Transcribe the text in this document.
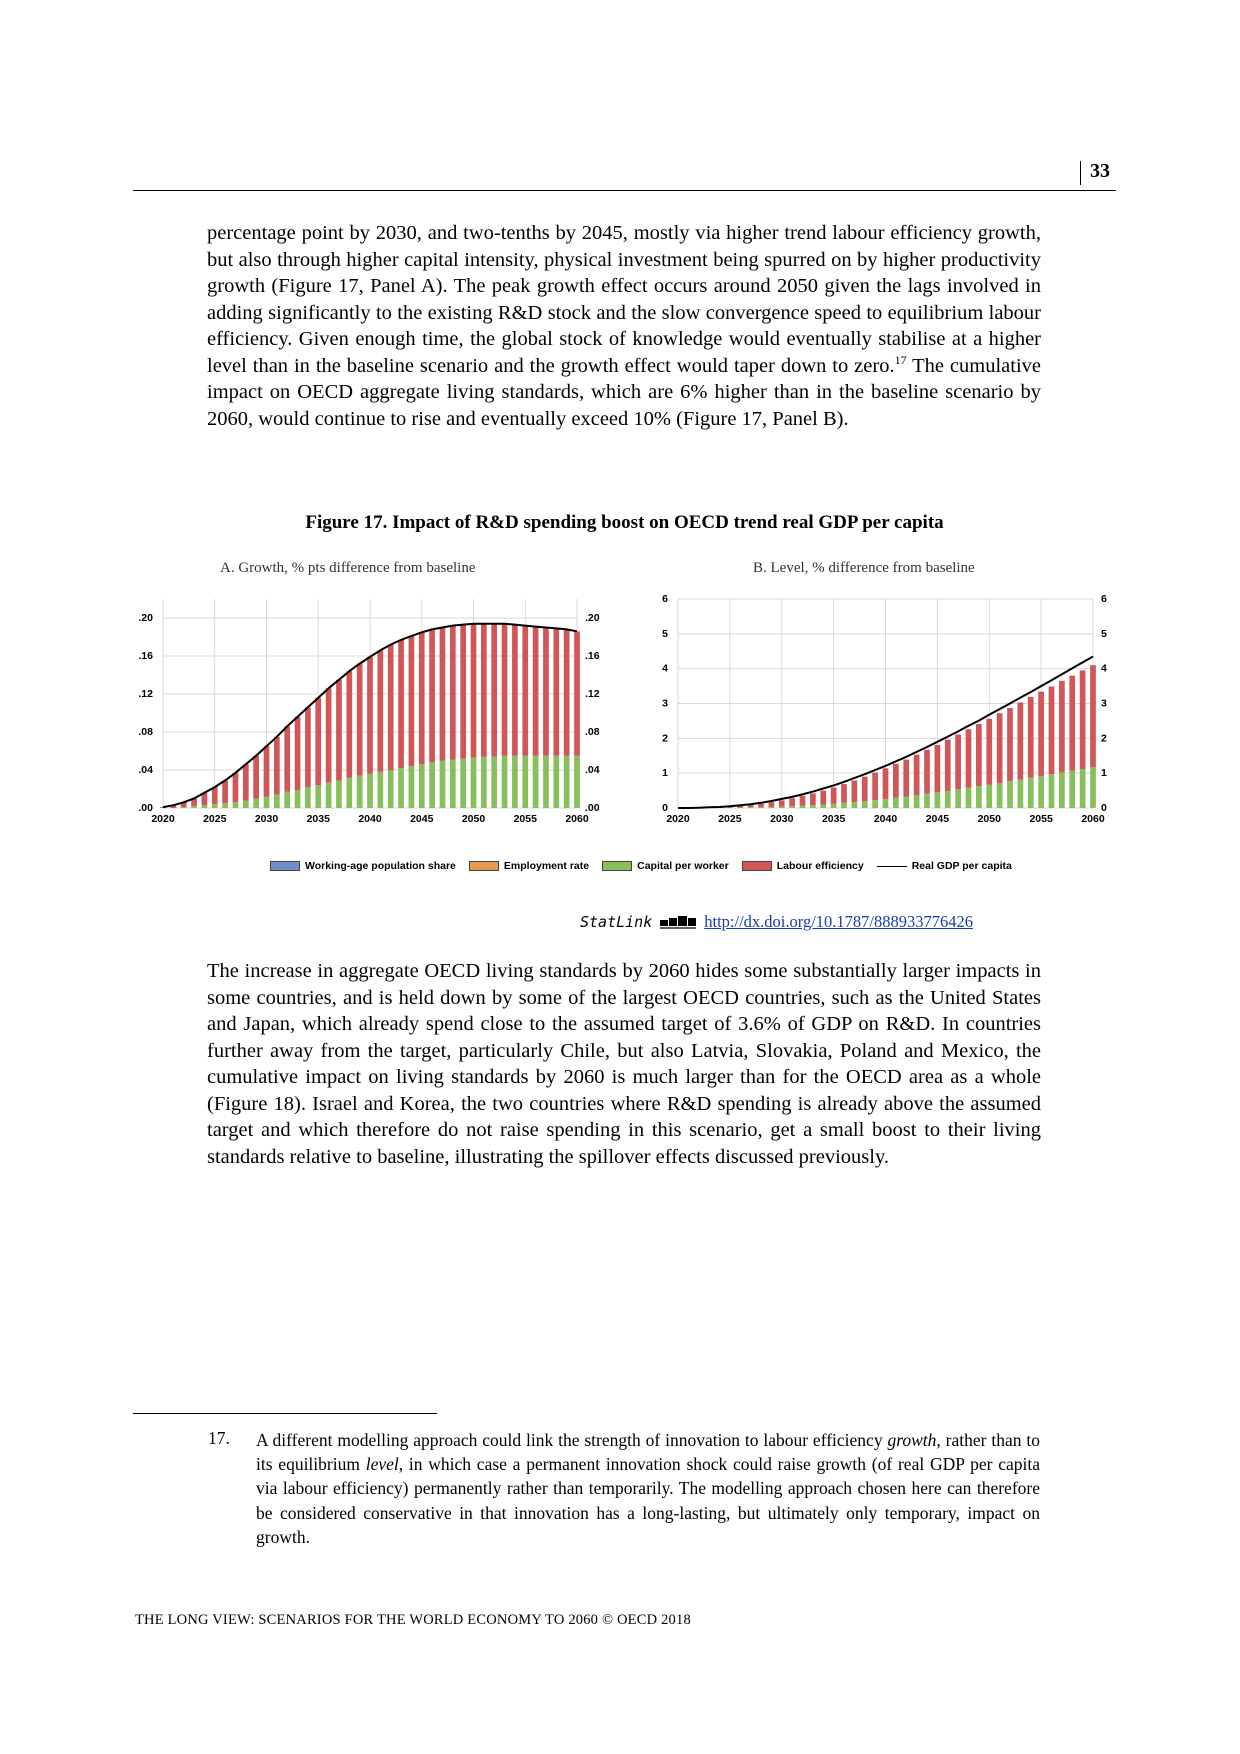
33
percentage point by 2030, and two-tenths by 2045, mostly via higher trend labour efficiency growth, but also through higher capital intensity, physical investment being spurred on by higher productivity growth (Figure 17, Panel A). The peak growth effect occurs around 2050 given the lags involved in adding significantly to the existing R&D stock and the slow convergence speed to equilibrium labour efficiency. Given enough time, the global stock of knowledge would eventually stabilise at a higher level than in the baseline scenario and the growth effect would taper down to zero.$^{17}$ The cumulative impact on OECD aggregate living standards, which are 6% higher than in the baseline scenario by 2060, would continue to rise and eventually exceed 10% (Figure 17, Panel B).
Figure 17. Impact of R&D spending boost on OECD trend real GDP per capita
A. Growth, % pts difference from baseline	B. Level, % difference from baseline
.00	.00
.04	.04
.08	.08
.12	.12
.16	.16
.20	.20
2020	2025	2030	2035	2040	2045	2050	2055	2060
0	0
1	1
2	2
3	3
4	4
5	5
6	6
2020	2025	2030	2035	2040	2045	2050	2055	2060
Working-age population share	Employment rate	Capital per worker	Labour efficiency	Real GDP per capita
StatLink	http://dx.doi.org/10.1787/888933776426
The increase in aggregate OECD living standards by 2060 hides some substantially larger impacts in some countries, and is held down by some of the largest OECD countries, such as the United States and Japan, which already spend close to the assumed target of 3.6% of GDP on R&D. In countries further away from the target, particularly Chile, but also Latvia, Slovakia, Poland and Mexico, the cumulative impact on living standards by 2060 is much larger than for the OECD area as a whole (Figure 18). Israel and Korea, the two countries where R&D spending is already above the assumed target and which therefore do not raise spending in this scenario, get a small boost to their living standards relative to baseline, illustrating the spillover effects discussed previously.
17. A different modelling approach could link the strength of innovation to labour efficiency growth, rather than to its equilibrium level, in which case a permanent innovation shock could raise growth (of real GDP per capita via labour efficiency) permanently rather than temporarily. The modelling approach chosen here can therefore be considered conservative in that innovation has a long-lasting, but ultimately only temporary, impact on growth.
THE LONG VIEW: SCENARIOS FOR THE WORLD ECONOMY TO 2060 © OECD 2018
